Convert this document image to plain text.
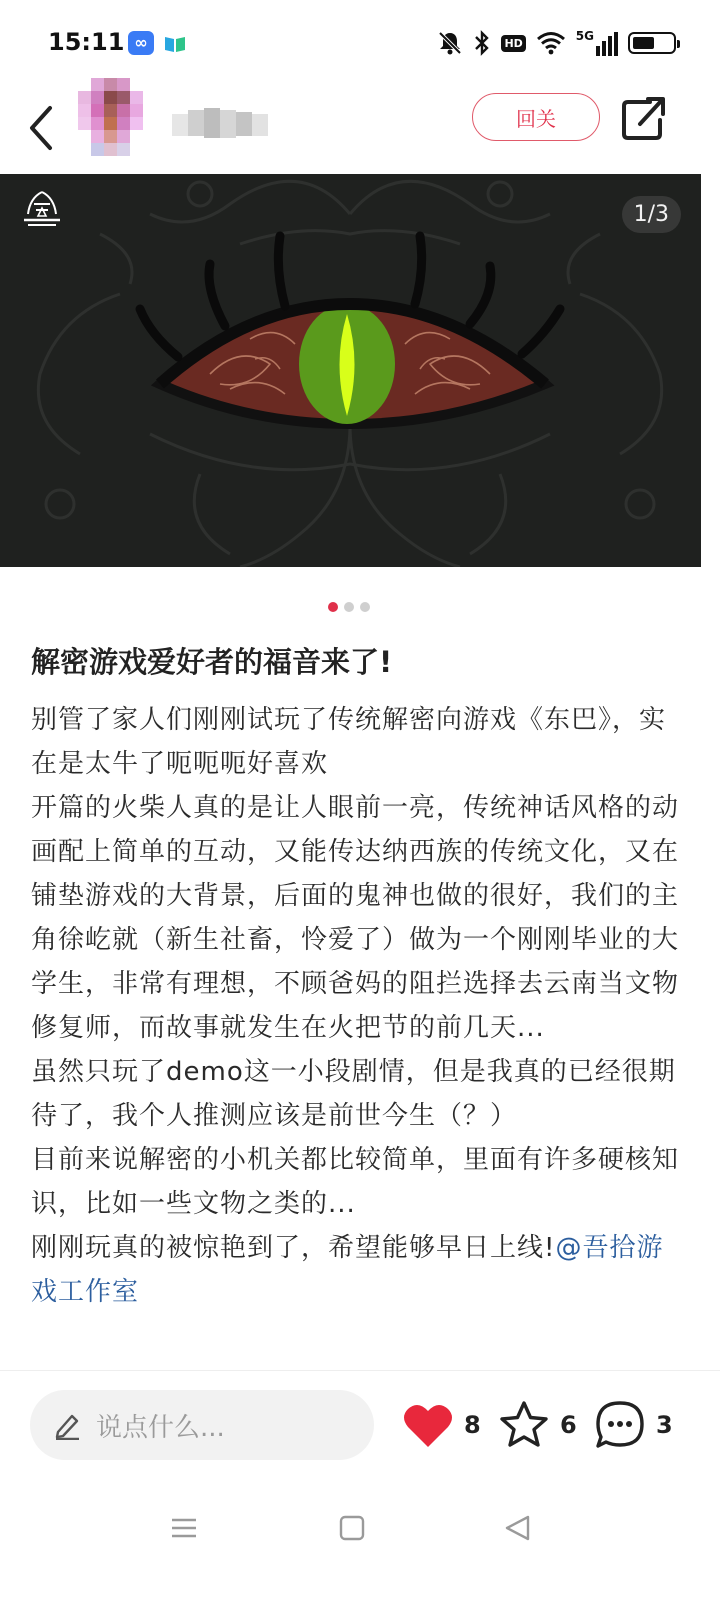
15:11 ∞	HD	5G
回关
1/3
解密游戏爱好者的福音来了!

别管了家人们刚刚试玩了传统解密向游戏《东巴》，实在是太牛了呃呃呃好喜欢

开篇的火柴人真的是让人眼前一亮，传统神话风格的动画配上简单的互动，又能传达纳西族的传统文化，又在铺垫游戏的大背景，后面的鬼神也做的很好，我们的主角徐屹就（新生社畜，怜爱了）做为一个刚刚毕业的大学生，非常有理想，不顾爸妈的阻拦选择去云南当文物修复师，而故事就发生在火把节的前几天...

虽然只玩了demo这一小段剧情，但是我真的已经很期待了，我个人推测应该是前世今生（？）

目前来说解密的小机关都比较简单，里面有许多硬核知识，比如一些文物之类的...

刚刚玩真的被惊艳到了，希望能够早日上线!@吾拾游戏工作室

说点什么...	8	6	3
